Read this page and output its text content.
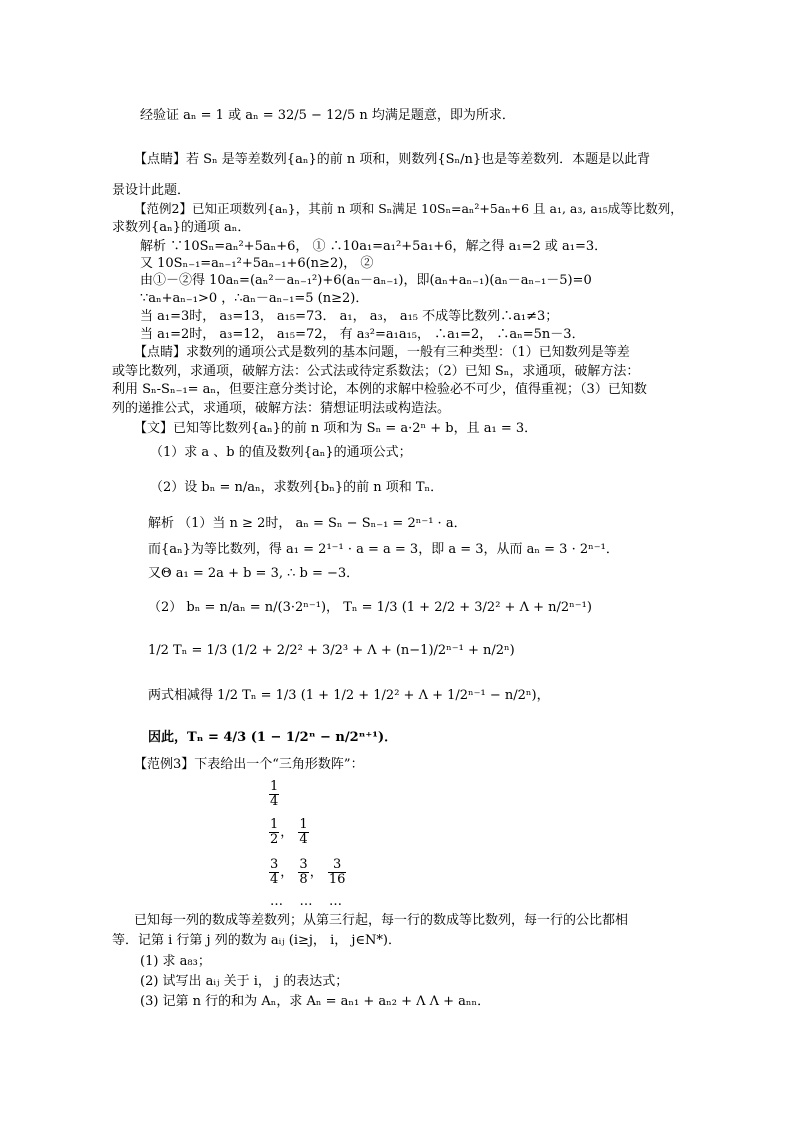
经验证 aₙ = 1 或 aₙ = 32/5 − 12/5 n 均满足题意，即为所求．
【点睛】若 Sₙ 是等差数列{aₙ}的前 n 项和，则数列{Sₙ/n}也是等差数列．本题是以此背
景设计此题．
【范例2】已知正项数列{aₙ}，其前 n 项和 Sₙ满足 10Sₙ=aₙ²+5aₙ+6 且 a₁, a₃, a₁₅成等比数列，
求数列{aₙ}的通项 aₙ．
解析 ∵10Sₙ=aₙ²+5aₙ+6， ① ∴10a₁=a₁²+5a₁+6，解之得 a₁=2 或 a₁=3．
又 10Sₙ₋₁=aₙ₋₁²+5aₙ₋₁+6(n≥2)， ②
由①－②得 10aₙ=(aₙ²－aₙ₋₁²)+6(aₙ－aₙ₋₁)，即(aₙ+aₙ₋₁)(aₙ－aₙ₋₁－5)=0
∵aₙ+aₙ₋₁>0 ，∴aₙ－aₙ₋₁=5 (n≥2)．
当 a₁=3时， a₃=13， a₁₅=73． a₁， a₃， a₁₅ 不成等比数列∴a₁≠3；
当 a₁=2时， a₃=12， a₁₅=72， 有 a₃²=a₁a₁₅， ∴a₁=2， ∴aₙ=5n－3．
【点睛】求数列的通项公式是数列的基本问题，一般有三种类型：（1）已知数列是等差
或等比数列，求通项，破解方法：公式法或待定系数法；（2）已知 Sₙ，求通项，破解方法：
利用 Sₙ-Sₙ₋₁= aₙ，但要注意分类讨论，本例的求解中检验必不可少，值得重视；（3）已知数
列的递推公式，求通项，破解方法：猜想证明法或构造法。
【文】已知等比数列{aₙ}的前 n 项和为 Sₙ = a·2ⁿ + b，且 a₁ = 3．
（1）求 a 、b 的值及数列{aₙ}的通项公式；
（2）设 bₙ = n/aₙ，求数列{bₙ}的前 n 项和 Tₙ．
解析 （1）当 n ≥ 2时， aₙ = Sₙ − Sₙ₋₁ = 2ⁿ⁻¹ · a．
而{aₙ}为等比数列，得 a₁ = 2¹⁻¹ · a = a = 3，即 a = 3，从而 aₙ = 3 · 2ⁿ⁻¹．
又Θ a₁ = 2a + b = 3, ∴ b = −3．
（2） bₙ = n/aₙ = n/(3·2ⁿ⁻¹)， Tₙ = 1/3 (1 + 2/2 + 3/2² + Λ + n/2ⁿ⁻¹)
1/2 Tₙ = 1/3 (1/2 + 2/2² + 3/2³ + Λ + (n−1)/2ⁿ⁻¹ + n/2ⁿ)
两式相减得 1/2 Tₙ = 1/3 (1 + 1/2 + 1/2² + Λ + 1/2ⁿ⁻¹ − n/2ⁿ)，
因此，Tₙ = 4/3 (1 − 1/2ⁿ − n/2ⁿ⁺¹)．
【范例3】下表给出一个“三角形数阵”：
$\frac{1}{4}$
$\frac{1}{2}$ ， $\frac{1}{4}$
$\frac{3}{4}$ ， $\frac{3}{8}$ ， $\frac{3}{16}$
…    …    …
已知每一列的数成等差数列；从第三行起，每一行的数成等比数列，每一行的公比都相
等．记第 i 行第 j 列的数为 aᵢⱼ (i≥j， i， j∈N*)．
(1) 求 a₈₃；
(2) 试写出 aᵢⱼ 关于 i， j 的表达式；
(3) 记第 n 行的和为 Aₙ，求 Aₙ = aₙ₁ + aₙ₂ + Λ Λ + aₙₙ．
